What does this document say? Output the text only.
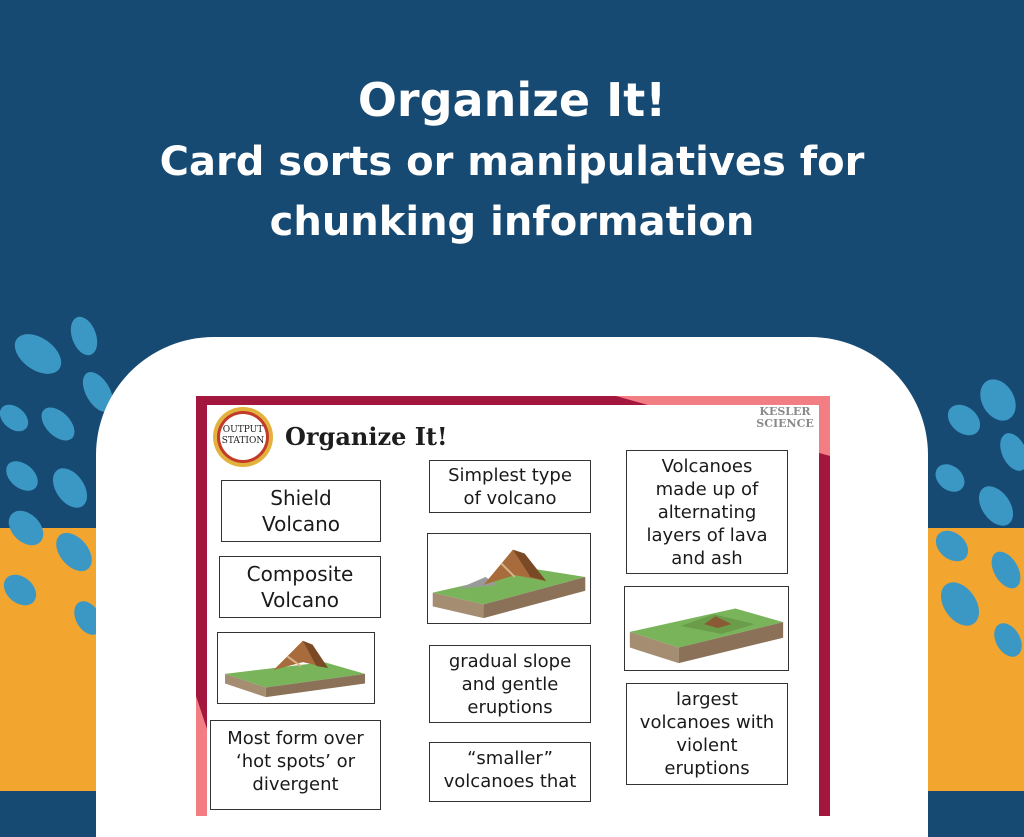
Organize It!
Card sorts or manipulatives for
chunking information
OUTPUT
STATION Organize It!
KESLER
SCIENCE
Shield
Volcano
Composite
Volcano
Most form over
‘hot spots’ or
divergent
Simplest type
of volcano
gradual slope
and gentle
eruptions
“smaller”
volcanoes that
Volcanoes
made up of
alternating
layers of lava
and ash
largest
volcanoes with
violent
eruptions
